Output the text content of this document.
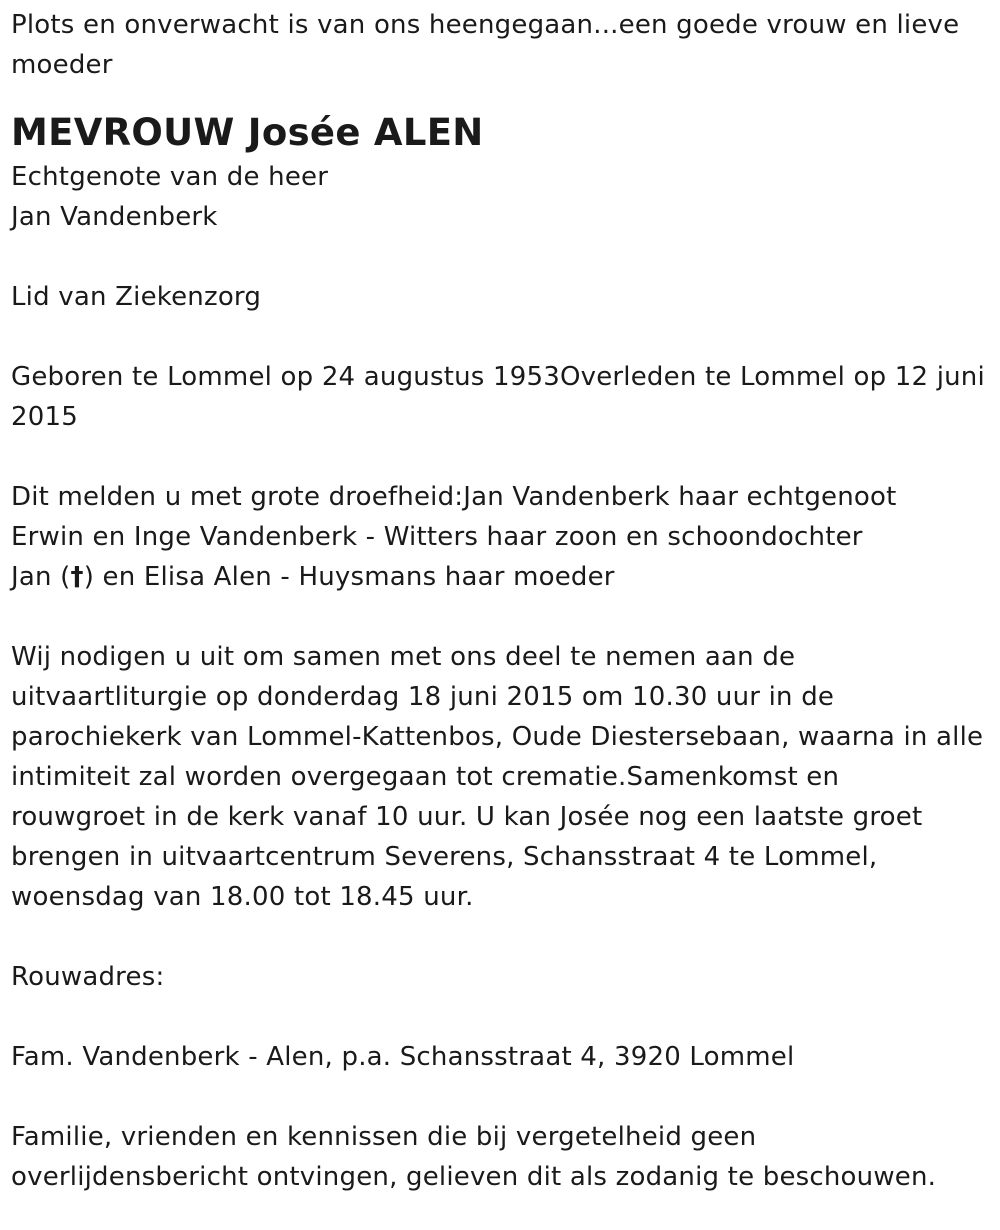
Plots en onverwacht is van ons heengegaan...een goede vrouw en lieve
moeder

MEVROUW Josée ALEN

Echtgenote van de heer
Jan Vandenberk

Lid van Ziekenzorg

Geboren te Lommel op 24 augustus 1953Overleden te Lommel op 12 juni
2015

Dit melden u met grote droefheid:Jan Vandenberk haar echtgenoot
Erwin en Inge Vandenberk - Witters haar zoon en schoondochter
Jan (†) en Elisa Alen - Huysmans haar moeder

Wij nodigen u uit om samen met ons deel te nemen aan de
uitvaartliturgie op donderdag 18 juni 2015 om 10.30 uur in de
parochiekerk van Lommel-Kattenbos, Oude Diestersebaan, waarna in alle
intimiteit zal worden overgegaan tot crematie.Samenkomst en
rouwgroet in de kerk vanaf 10 uur. U kan Josée nog een laatste groet
brengen in uitvaartcentrum Severens, Schansstraat 4 te Lommel,
woensdag van 18.00 tot 18.45 uur.

Rouwadres:

Fam. Vandenberk - Alen, p.a. Schansstraat 4, 3920 Lommel

Familie, vrienden en kennissen die bij vergetelheid geen
overlijdensbericht ontvingen, gelieven dit als zodanig te beschouwen.
